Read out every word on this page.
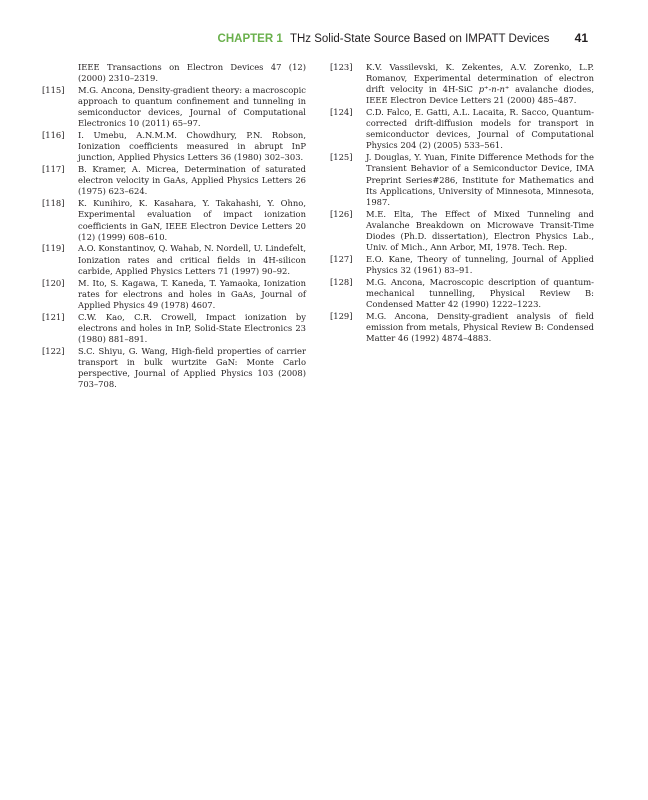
CHAPTER 1 THz Solid-State Source Based on IMPATT Devices 41

IEEE Transactions on Electron Devices 47 (12) (2000) 2310–2319.

[115] M.G. Ancona, Density-gradient theory: a macroscopic approach to quantum confinement and tunneling in semiconductor devices, Journal of Computational Electronics 10 (2011) 65–97.

[116] I. Umebu, A.N.M.M. Chowdhury, P.N. Robson, Ionization coefficients measured in abrupt InP junction, Applied Physics Letters 36 (1980) 302–303.

[117] B. Kramer, A. Micrea, Determination of saturated electron velocity in GaAs, Applied Physics Letters 26 (1975) 623–624.

[118] K. Kunihiro, K. Kasahara, Y. Takahashi, Y. Ohno, Experimental evaluation of impact ionization coefficients in GaN, IEEE Electron Device Letters 20 (12) (1999) 608–610.

[119] A.O. Konstantinov, Q. Wahab, N. Nordell, U. Lindefelt, Ionization rates and critical fields in 4H-silicon carbide, Applied Physics Letters 71 (1997) 90–92.

[120] M. Ito, S. Kagawa, T. Kaneda, T. Yamaoka, Ionization rates for electrons and holes in GaAs, Journal of Applied Physics 49 (1978) 4607.

[121] C.W. Kao, C.R. Crowell, Impact ionization by electrons and holes in InP, Solid-State Electronics 23 (1980) 881–891.

[122] S.C. Shiyu, G. Wang, High-field properties of carrier transport in bulk wurtzite GaN: Monte Carlo perspective, Journal of Applied Physics 103 (2008) 703–708.

[123] K.V. Vassilevski, K. Zekentes, A.V. Zorenko, L.P. Romanov, Experimental determination of electron drift velocity in 4H-SiC p⁺-n-n⁺ avalanche diodes, IEEE Electron Device Letters 21 (2000) 485–487.

[124] C.D. Falco, E. Gatti, A.L. Lacaita, R. Sacco, Quantum-corrected drift-diffusion models for transport in semiconductor devices, Journal of Computational Physics 204 (2) (2005) 533–561.

[125] J. Douglas, Y. Yuan, Finite Difference Methods for the Transient Behavior of a Semiconductor Device, IMA Preprint Series#286, Institute for Mathematics and Its Applications, University of Minnesota, Minnesota, 1987.

[126] M.E. Elta, The Effect of Mixed Tunneling and Avalanche Breakdown on Microwave Transit-Time Diodes (Ph.D. dissertation), Electron Physics Lab., Univ. of Mich., Ann Arbor, MI, 1978. Tech. Rep.

[127] E.O. Kane, Theory of tunneling, Journal of Applied Physics 32 (1961) 83–91.

[128] M.G. Ancona, Macroscopic description of quantum-mechanical tunnelling, Physical Review B: Condensed Matter 42 (1990) 1222–1223.

[129] M.G. Ancona, Density-gradient analysis of field emission from metals, Physical Review B: Condensed Matter 46 (1992) 4874–4883.
